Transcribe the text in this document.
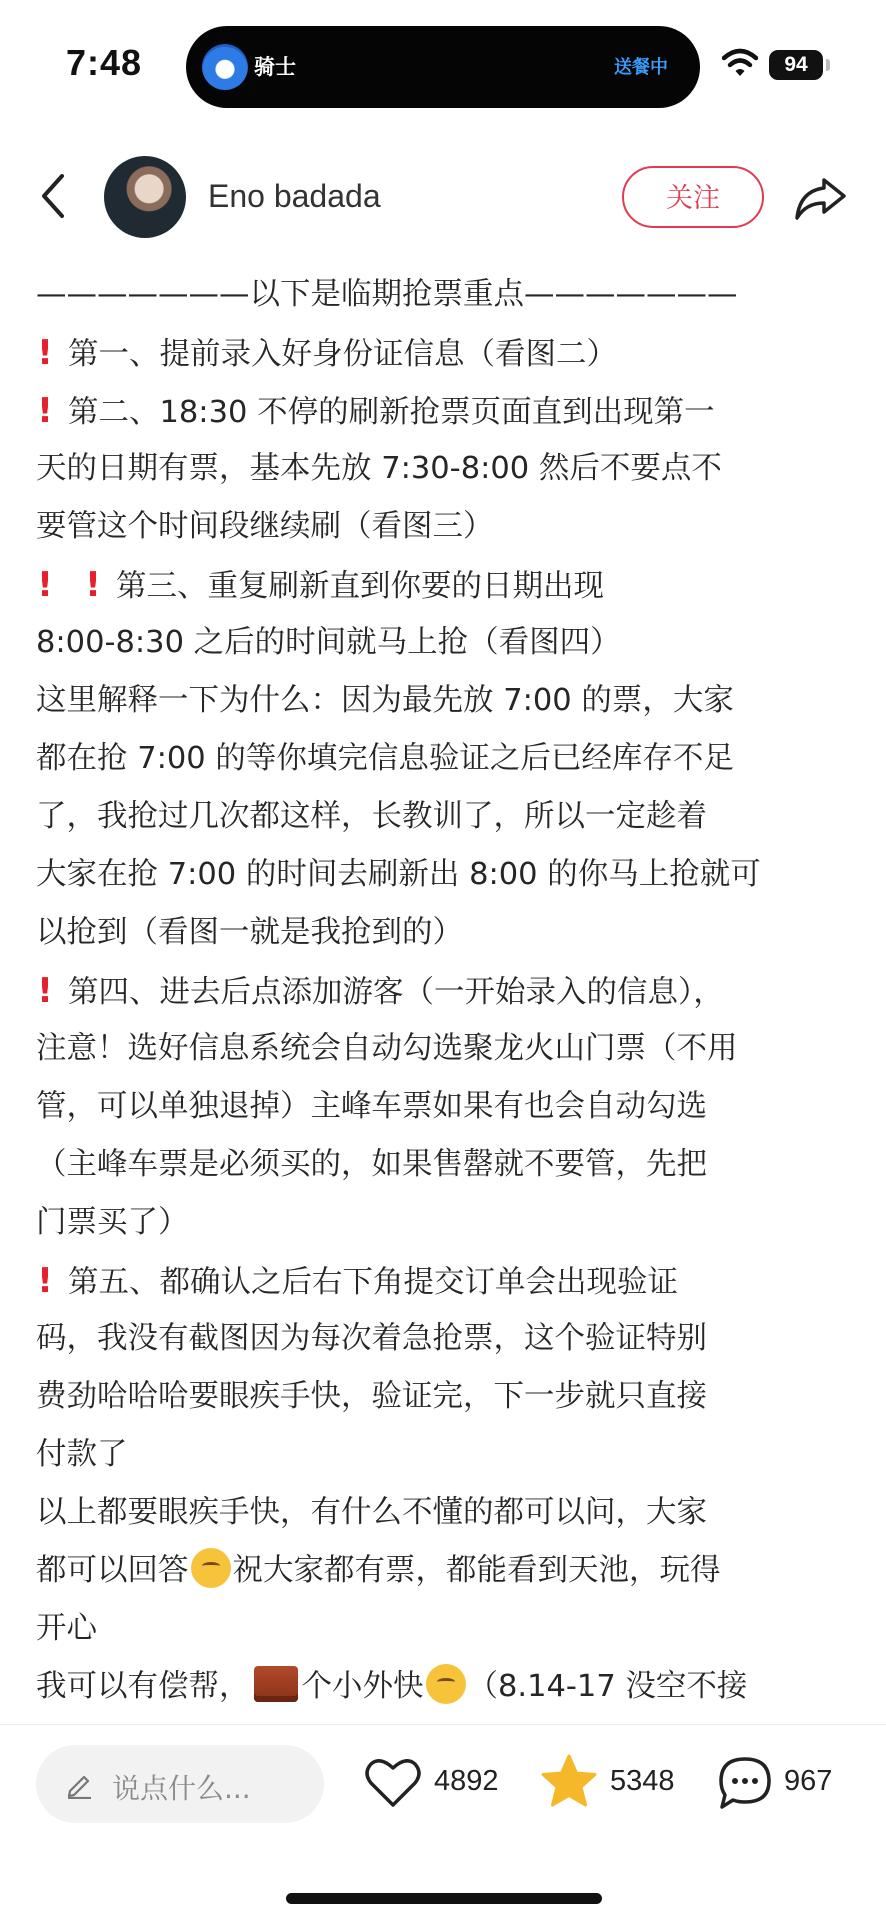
7:48	骑士	送餐中	94
Eno badada	关注
———————以下是临期抢票重点———————
! 第一、提前录入好身份证信息（看图二）
! 第二、18:30 不停的刷新抢票页面直到出现第一
天的日期有票，基本先放 7:30-8:00 然后不要点不
要管这个时间段继续刷（看图三）
! ! 第三、重复刷新直到你要的日期出现
8:00-8:30 之后的时间就马上抢（看图四）
这里解释一下为什么：因为最先放 7:00 的票，大家
都在抢 7:00 的等你填完信息验证之后已经库存不足
了，我抢过几次都这样，长教训了，所以一定趁着
大家在抢 7:00 的时间去刷新出 8:00 的你马上抢就可
以抢到（看图一就是我抢到的）
! 第四、进去后点添加游客（一开始录入的信息），
注意！选好信息系统会自动勾选聚龙火山门票（不用
管，可以单独退掉）主峰车票如果有也会自动勾选
（主峰车票是必须买的，如果售罄就不要管，先把
门票买了）
! 第五、都确认之后右下角提交订单会出现验证
码，我没有截图因为每次着急抢票，这个验证特别
费劲哈哈哈要眼疾手快，验证完，下一步就只直接
付款了
以上都要眼疾手快，有什么不懂的都可以问，大家
都可以回答 祝大家都有票，都能看到天池，玩得
开心
我可以有偿帮， 个小外快 （8.14-17 没空不接
说点什么...	4892	5348	967
